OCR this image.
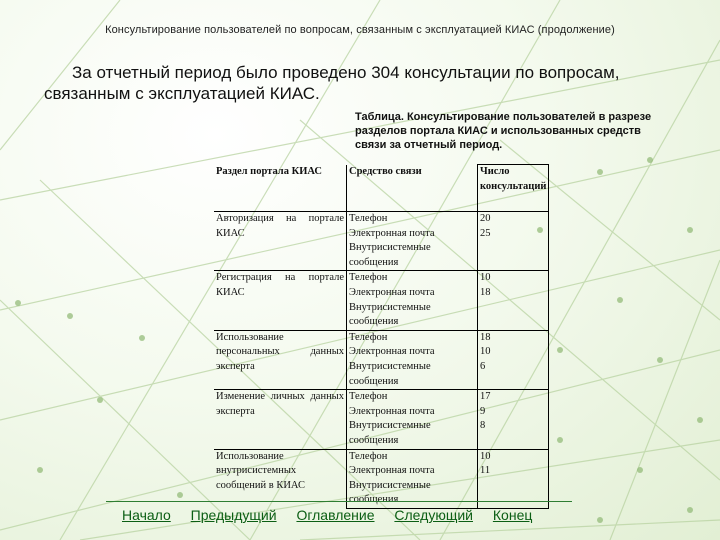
Консультирование пользователей по вопросам, связанным с эксплуатацией КИАС (продолжение)
За отчетный период было проведено 304 консультации по вопросам, связанным с эксплуатацией КИАС.
Таблица. Консультирование пользователей в разрезе разделов портала КИАС и использованных средств связи за отчетный период.
Раздел портала КИАС	Средство связи	Число консультаций

Авторизация на портале КИАС	Телефон	20
	Электронная почта	25
	Внутрисистемные сообщения	

Регистрация на портале КИАС	Телефон	10
	Электронная почта	18
	Внутрисистемные сообщения	

Использование персональных данных эксперта	Телефон	18
	Электронная почта	10
	Внутрисистемные сообщения	6

Изменение личных данных эксперта	Телефон	17
	Электронная почта	9
	Внутрисистемные сообщения	8

Использование внутрисистемных сообщений в КИАС	Телефон	10
	Электронная почта	11
	Внутрисистемные сообщения	
Начало Предыдущий Оглавление Следующий Конец
